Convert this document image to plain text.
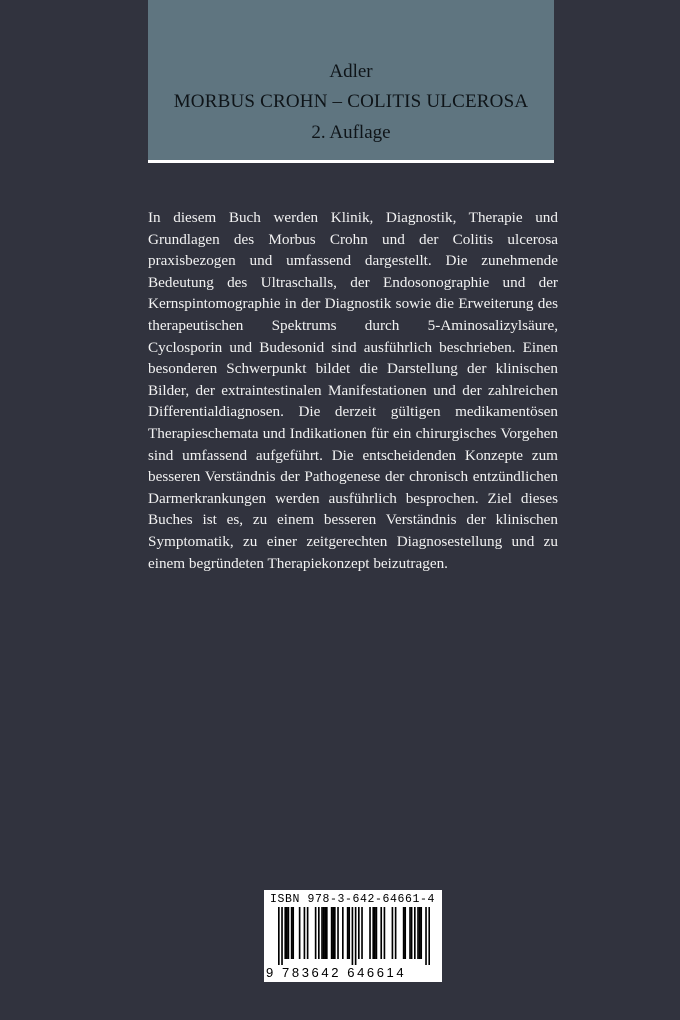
Adler
MORBUS CROHN – COLITIS ULCEROSA
2. Auflage
In diesem Buch werden Klinik, Diagnostik, Therapie und Grundlagen des Morbus Crohn und der Colitis ulcerosa praxisbezogen und umfassend dargestellt. Die zunehmende Bedeutung des Ultraschalls, der Endosonographie und der Kernspintomographie in der Diagnostik sowie die Erweiterung des therapeutischen Spektrums durch 5-Aminosalizylsäure, Cyclosporin und Budesonid sind ausführlich beschrieben. Einen besonderen Schwerpunkt bildet die Darstellung der klinischen Bilder, der extraintestinalen Manifestationen und der zahlreichen Differentialdiagnosen. Die derzeit gültigen medikamentösen Therapieschemata und Indikationen für ein chirurgisches Vorgehen sind umfassend aufgeführt. Die entscheidenden Konzepte zum besseren Verständnis der Pathogenese der chronisch entzündlichen Darmerkrankungen werden ausführlich besprochen. Ziel dieses Buches ist es, zu einem besseren Verständnis der klinischen Symptomatik, zu einer zeitgerechten Diagnosestellung und zu einem begründeten Therapiekonzept beizutragen.
ISBN 978-3-642-64661-4
9 783642 646614
